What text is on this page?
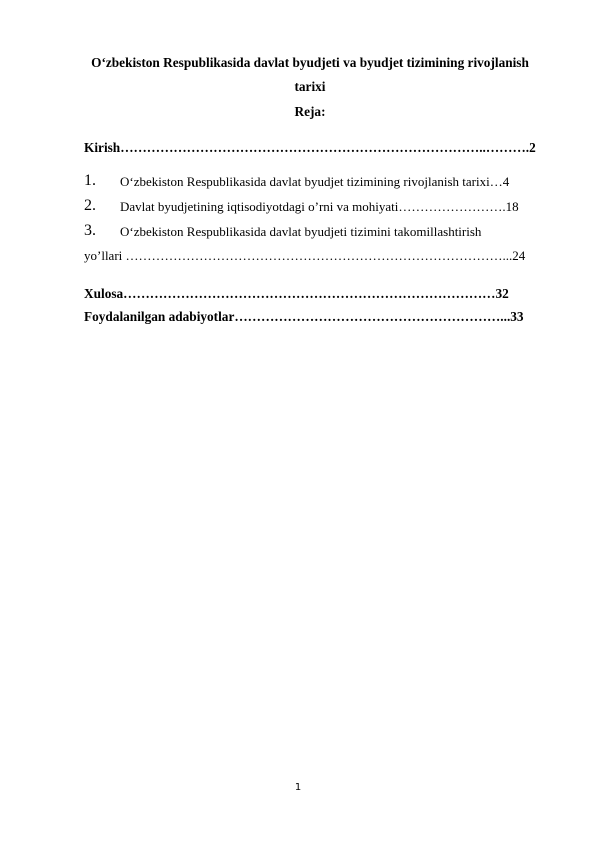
O‘zbekiston Respublikasida davlat byudjeti va byudjet tizimining rivojlanish
tarixi
Reja:
Kirish………………………………………………………………………..……….2
1. O‘zbekiston Respublikasida davlat byudjet tizimining rivojlanish tarixi…4
2. Davlat byudjetining iqtisodiyotdagi o’rni va mohiyati…………………….18
3. O‘zbekiston Respublikasida davlat byudjeti tizimini takomillashtirish
yo’llari ……………………………………………………………………………...24
Xulosa…………………………………………………………………………32
Foydalanilgan adabiyotlar……………………………………………………...33
1
